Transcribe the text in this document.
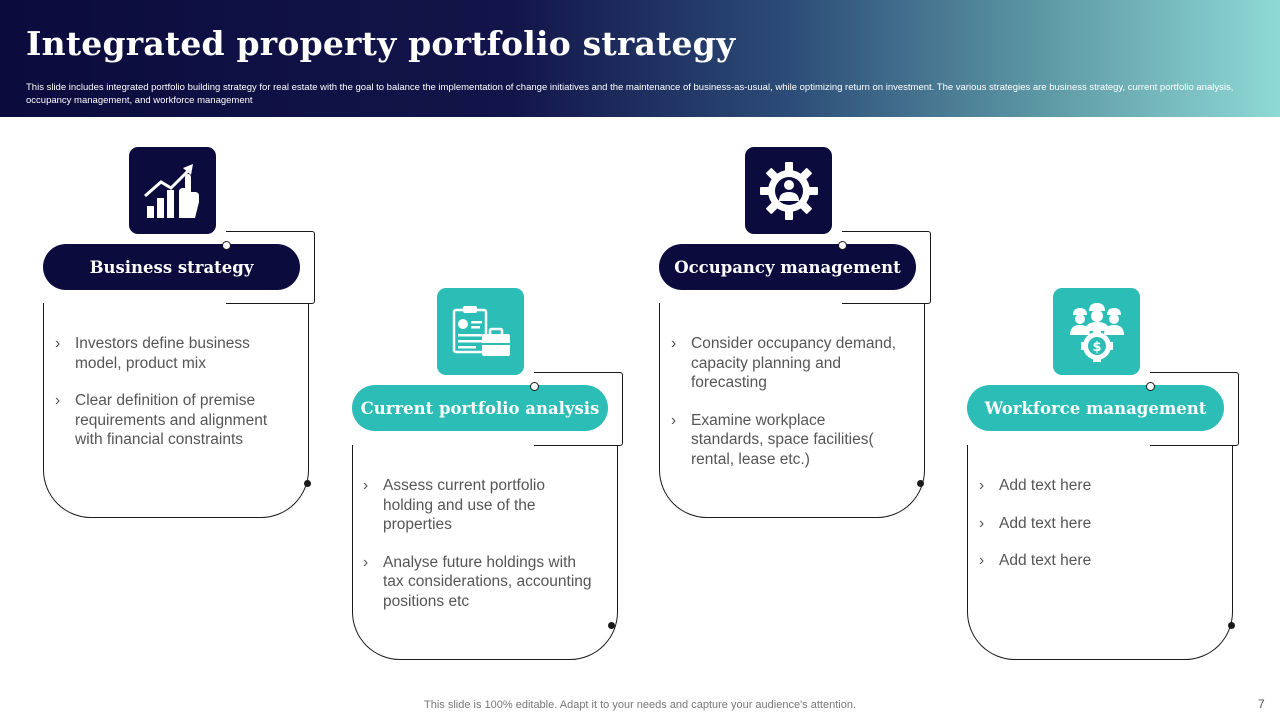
Integrated property portfolio strategy

This slide includes integrated portfolio building strategy for real estate with the goal to balance the implementation of change initiatives and the maintenance of business-as-usual, while optimizing return on investment. The various strategies are business strategy, current portfolio analysis, occupancy management, and workforce management

Business strategy
› Investors define business model, product mix
› Clear definition of premise requirements and alignment with financial constraints
Current portfolio analysis
› Assess current portfolio holding and use of the properties
› Analyse future holdings with tax considerations, accounting positions etc
Occupancy management
› Consider occupancy demand, capacity planning and forecasting
› Examine workplace standards, space facilities( rental, lease etc.)
$
Workforce management
› Add text here
› Add text here
› Add text here
This slide is 100% editable. Adapt it to your needs and capture your audience's attention.	7
